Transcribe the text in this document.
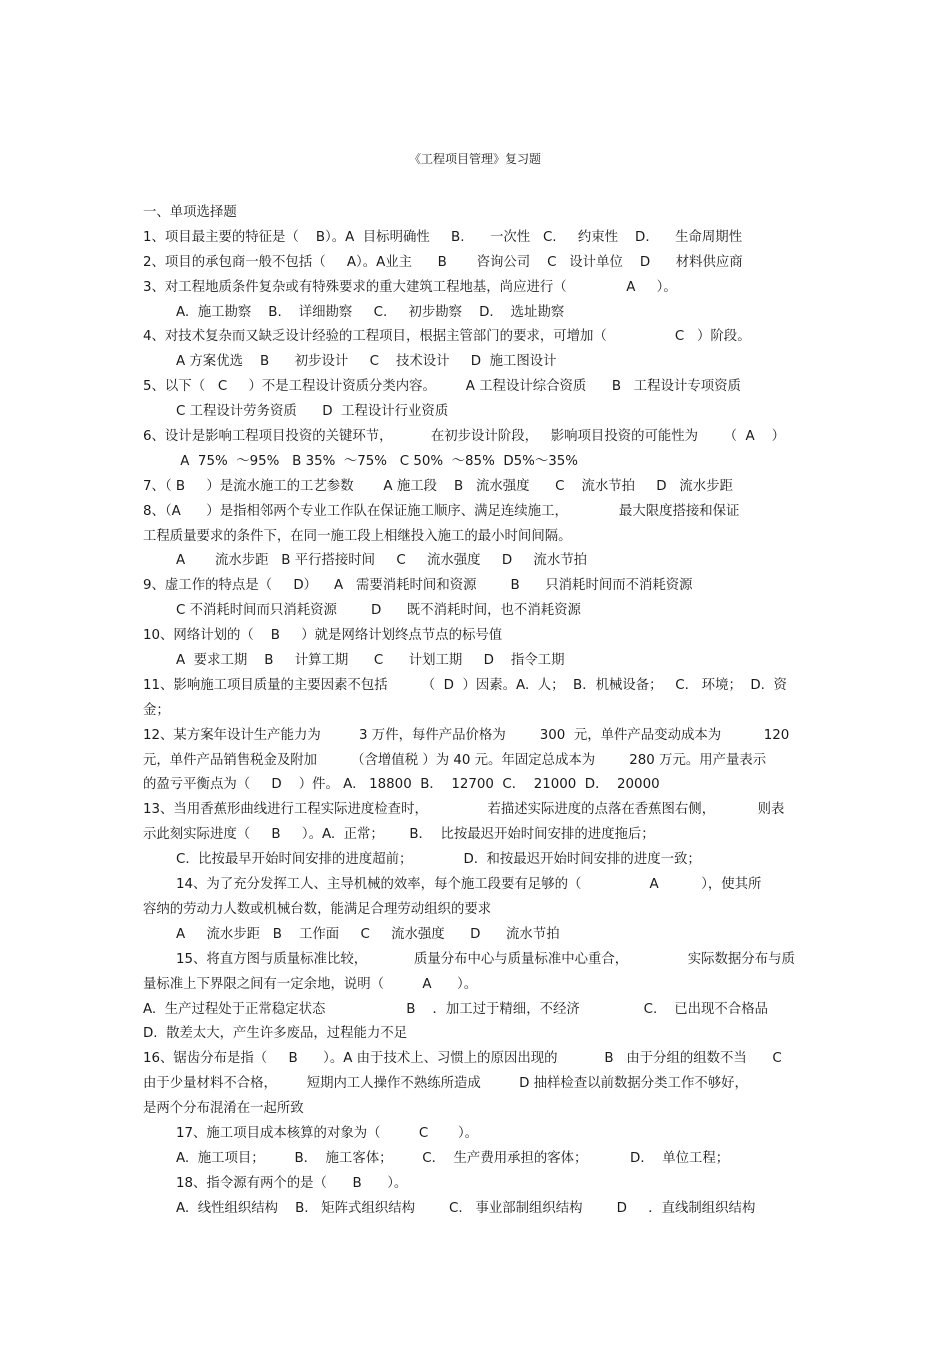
《工程项目管理》复习题
一、单项选择题
1、项目最主要的特征是（    B）。A  目标明确性     B.      一次性   C.     约束性    D.      生命周期性
2、项目的承包商一般不包括（     A）。A业主      B       咨询公司    C   设计单位    D      材料供应商
3、对工程地质条件复杂或有特殊要求的重大建筑工程地基，尚应进行（              A     ）。
A.  施工勘察    B.    详细勘察     C.     初步勘察    D.    选址勘察
4、对技术复杂而又缺乏设计经验的工程项目，根据主管部门的要求，可增加（                C   ）阶段。
A 方案优选    B      初步设计     C    技术设计     D  施工图设计
5、以下（   C     ）不是工程设计资质分类内容。       A 工程设计综合资质      B   工程设计专项资质
C 工程设计劳务资质      D  工程设计行业资质
6、设计是影响工程项目投资的关键环节，         在初步设计阶段，   影响项目投资的可能性为      （  A    ）
A  75%  ～95%   B 35%  ～75%   C 50%  ～85%  D5%～35%
7、（ B     ）是流水施工的工艺参数       A 施工段    B   流水强度      C    流水节拍     D   流水步距
8、（A      ）是指相邻两个专业工作队在保证施工顺序、满足连续施工，            最大限度搭接和保证
工程质量要求的条件下，在同一施工段上相继投入施工的最小时间间隔。
A       流水步距   B 平行搭接时间     C     流水强度     D     流水节拍
9、虚工作的特点是（     D）    A   需要消耗时间和资源        B      只消耗时间而不消耗资源
C 不消耗时间而只消耗资源        D      既不消耗时间，也不消耗资源
10、网络计划的（    B     ）就是网络计划终点节点的标号值
A  要求工期    B     计算工期      C      计划工期     D    指令工期
11、影响施工项目质量的主要因素不包括        （  D  ）因素。A.  人；  B．机械设备；   C.   环境；  D.  资
金；
12、某方案年设计生产能力为         3 万件，每件产品价格为        300  元，单件产品变动成本为          120
元，单件产品销售税金及附加        （含增值税 ）为 40 元。年固定总成本为        280 万元。用产量表示
的盈亏平衡点为（     D    ）件。 A.   18800  B．  12700  C．  21000  D．  20000
13、当用香蕉形曲线进行工程实际进度检查时，              若描述实际进度的点落在香蕉图右侧，          则表
示此刻实际进度（     B     ）。A.  正常；      B．  比按最迟开始时间安排的进度拖后；
C.  比按最早开始时间安排的进度超前；            D.  和按最迟开始时间安排的进度一致；
14、为了充分发挥工人、主导机械的效率，每个施工段要有足够的（                A          ），使其所
容纳的劳动力人数或机械台数，能满足合理劳动组织的要求
A     流水步距   B    工作面     C     流水强度      D      流水节拍
15、将直方图与质量标准比较，           质量分布中心与质量标准中心重合，              实际数据分布与质
量标准上下界限之间有一定余地，说明（         A      ）。
A.  生产过程处于正常稳定状态                   B    ．加工过于精细，不经济               C.    已出现不合格品
D.  散差太大，产生许多废品，过程能力不足
16、锯齿分布是指（     B      ）。A 由于技术上、习惯上的原因出现的           B   由于分组的组数不当      C
由于少量材料不合格，       短期内工人操作不熟练所造成         D 抽样检查以前数据分类工作不够好，
是两个分布混淆在一起所致
17、施工项目成本核算的对象为（         C       ）。
A.  施工项目；       B．  施工客体；       C．  生产费用承担的客体；          D．  单位工程；
18、指令源有两个的是（      B      ）。
A.  线性组织结构    B.   矩阵式组织结构        C.   事业部制组织结构        D     ．直线制组织结构
